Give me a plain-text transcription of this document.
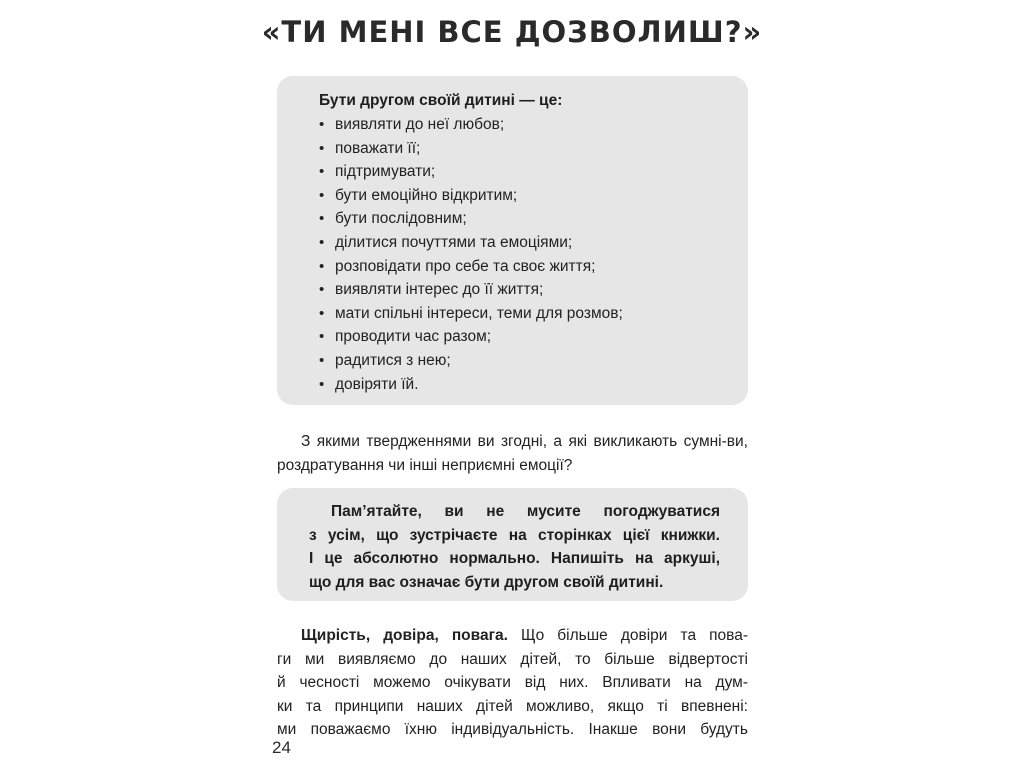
«ТИ МЕНІ ВСЕ ДОЗВОЛИШ?»
Бути другом своїй дитині — це:
• виявляти до неї любов;
• поважати її;
• підтримувати;
• бути емоційно відкритим;
• бути послідовним;
• ділитися почуттями та емоціями;
• розповідати про себе та своє життя;
• виявляти інтерес до її життя;
• мати спільні інтереси, теми для розмов;
• проводити час разом;
• радитися з нею;
• довіряти їй.
З якими твердженнями ви згодні, а які викликають сумні-ви, роздратування чи інші неприємні емоції?

Пам’ятайте, ви не мусите погоджуватися

з усім, що зустрічаєте на сторінках цієї книжки.

І це абсолютно нормально. Напишіть на аркуші,

що для вас означає бути другом своїй дитині.

Щирість, довіра, повага. Що більше довіри та пова-
ги ми виявляємо до наших дітей, то більше відвертості
й чесності можемо очікувати від них. Впливати на дум-
ки та принципи наших дітей можливо, якщо ті впевнені:
ми поважаємо їхню індивідуальність. Інакше вони будуть
24
